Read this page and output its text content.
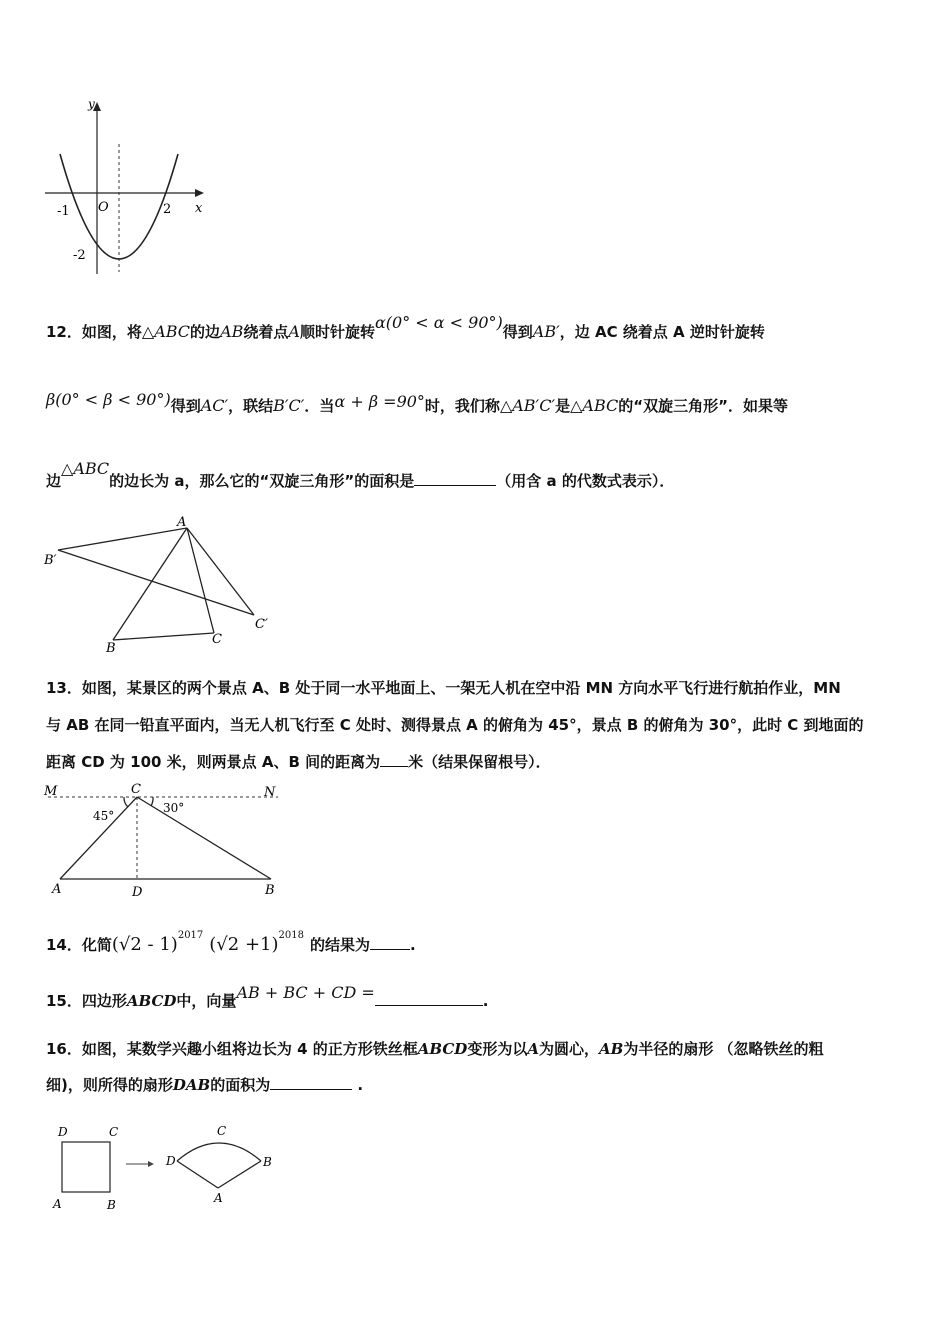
y
x
O
-1	2
-2
12．如图，将△ABC的边AB绕着点A顺时针旋转α(0° < α < 90°)得到AB′，边 AC 绕着点 A 逆时针旋转
β(0° < β < 90°)得到AC′，联结B′C′．当α + β =90°时，我们称△AB′C′是△ABC的“双旋三角形”．如果等
边△ABC的边长为 a，那么它的“双旋三角形”的面积是	（用含 a 的代数式表示）．
A
B′
C′
B
C
13．如图，某景区的两个景点 A、B 处于同一水平地面上、一架无人机在空中沿 MN 方向水平飞行进行航拍作业，MN
与 AB 在同一铅直平面内，当无人机飞行至 C 处时、测得景点 A 的俯角为 45°，景点 B 的俯角为 30°，此时 C 到地面的
距离 CD 为 100 米，则两景点 A、B 间的距离为 米（结果保留根号）．
M	N
C
45°
30°
A	D	B
14．化简(√2 - 1)$^{2017}$ $(√2 +1)^{2018}$的结果为	.
15．四边形ABCD中，向量AB + BC + CD =	.
16．如图，某数学兴趣小组将边长为 4 的正方形铁丝框ABCD变形为以A为圆心，AB为半径的扇形 （忽略铁丝的粗
细)，则所得的扇形DAB的面积为	.
D	C
A	B
D
C
A
B
